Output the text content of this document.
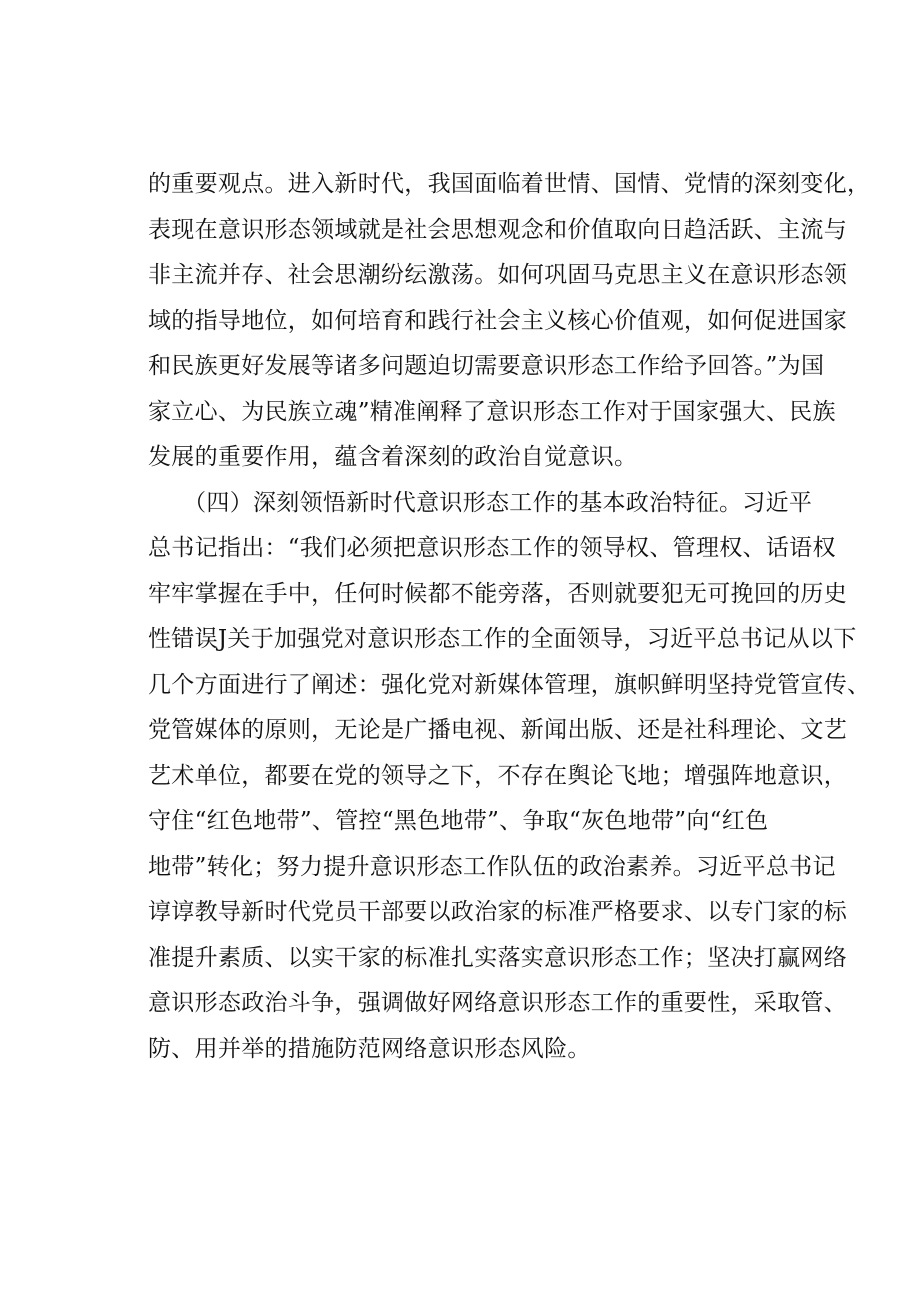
的重要观点。进入新时代，我国面临着世情、国情、党情的深刻变化，
表现在意识形态领域就是社会思想观念和价值取向日趋活跃、主流与
非主流并存、社会思潮纷纭激荡。如何巩固马克思主义在意识形态领
域的指导地位，如何培育和践行社会主义核心价值观，如何促进国家
和民族更好发展等诸多问题迫切需要意识形态工作给予回答。”为国
家立心、为民族立魂”精准阐释了意识形态工作对于国家强大、民族
发展的重要作用，蕴含着深刻的政治自觉意识。
　　（四）深刻领悟新时代意识形态工作的基本政治特征。习近平
总书记指出：“我们必须把意识形态工作的领导权、管理权、话语权
牢牢掌握在手中，任何时候都不能旁落，否则就要犯无可挽回的历史
性错误J关于加强党对意识形态工作的全面领导，习近平总书记从以下
几个方面进行了阐述：强化党对新媒体管理，旗帜鲜明坚持党管宣传、
党管媒体的原则，无论是广播电视、新闻出版、还是社科理论、文艺
艺术单位，都要在党的领导之下，不存在舆论飞地；增强阵地意识，
守住“红色地带”、管控“黑色地带”、争取“灰色地带”向“红色
地带”转化；努力提升意识形态工作队伍的政治素养。习近平总书记
谆谆教导新时代党员干部要以政治家的标准严格要求、以专门家的标
准提升素质、以实干家的标准扎实落实意识形态工作；坚决打赢网络
意识形态政治斗争，强调做好网络意识形态工作的重要性，采取管、
防、用并举的措施防范网络意识形态风险。
